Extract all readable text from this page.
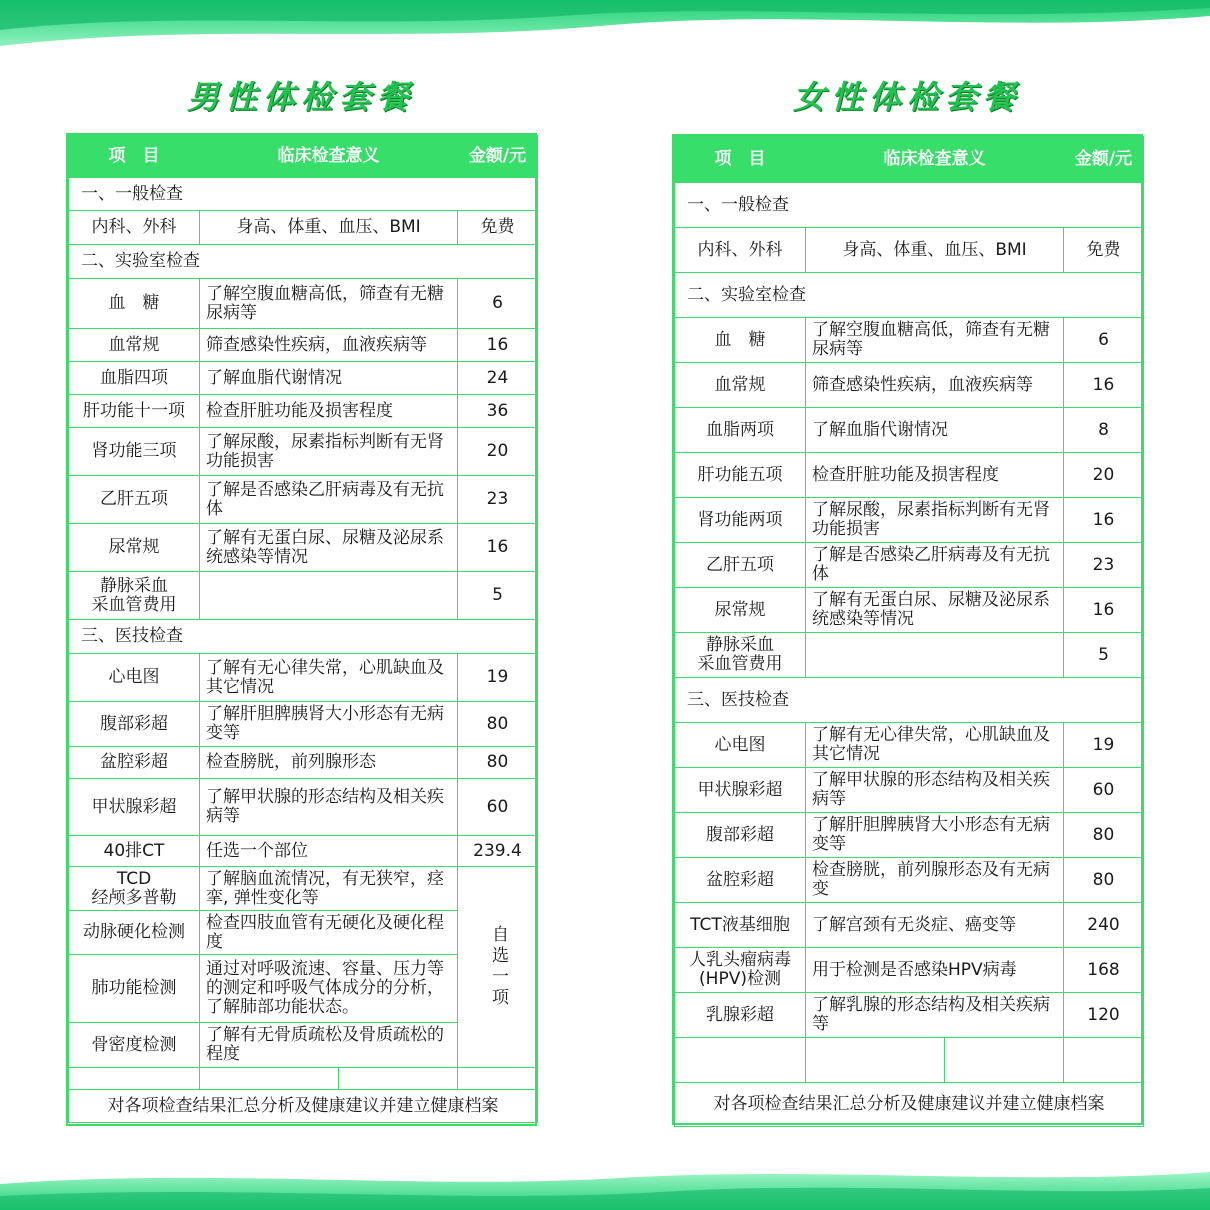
男性体检套餐	女性体检套餐
项　目	临床检查意义		金额/元
一、一般检查			
内科、外科	身高、体重、血压、BMI		免费
二、实验室检查			
血　糖	了解空腹血糖高低，筛查有无糖尿病等		6
血常规	筛查感染性疾病，血液疾病等		16
血脂四项	了解血脂代谢情况		24
肝功能十一项	检查肝脏功能及损害程度		36
肾功能三项	了解尿酸，尿素指标判断有无肾功能损害		20
乙肝五项	了解是否感染乙肝病毒及有无抗体		23
尿常规	了解有无蛋白尿、尿糖及泌尿系统感染等情况		16
静脉采血
采血管费用			5
三、医技检查			
心电图	了解有无心律失常，心肌缺血及其它情况		19
腹部彩超	了解肝胆脾胰肾大小形态有无病变等		80
盆腔彩超	检查膀胱，前列腺形态		80
甲状腺彩超	了解甲状腺的形态结构及相关疾病等		60
40排CT	任选一个部位		239.4
TCD
经颅多普勒	了解脑血流情况，有无狭窄，痉挛, 弹性变化等		自选一项
动脉硬化检测	检查四肢血管有无硬化及硬化程度		
肺功能检测	通过对呼吸流速、容量、压力等的测定和呼吸气体成分的分析，了解肺部功能状态。		
骨密度检测	了解有无骨质疏松及骨质疏松的程度		

对各项检查结果汇总分析及健康建议并建立健康档案			
项　目	临床检查意义		金额/元
一、一般检查			
内科、外科	身高、体重、血压、BMI		免费
二、实验室检查			
血　糖	了解空腹血糖高低，筛查有无糖尿病等		6
血常规	筛查感染性疾病，血液疾病等		16
血脂两项	了解血脂代谢情况		8
肝功能五项	检查肝脏功能及损害程度		20
肾功能两项	了解尿酸，尿素指标判断有无肾功能损害		16
乙肝五项	了解是否感染乙肝病毒及有无抗体		23
尿常规	了解有无蛋白尿、尿糖及泌尿系统感染等情况		16
静脉采血
采血管费用			5
三、医技检查			
心电图	了解有无心律失常，心肌缺血及其它情况		19
甲状腺彩超	了解甲状腺的形态结构及相关疾病等		60
腹部彩超	了解肝胆脾胰肾大小形态有无病变等		80
盆腔彩超	检查膀胱，前列腺形态及有无病变		80
TCT液基细胞	了解宫颈有无炎症、癌变等		240
人乳头瘤病毒
(HPV)检测	用于检测是否感染HPV病毒		168
乳腺彩超	了解乳腺的形态结构及相关疾病等		120

对各项检查结果汇总分析及健康建议并建立健康档案			
